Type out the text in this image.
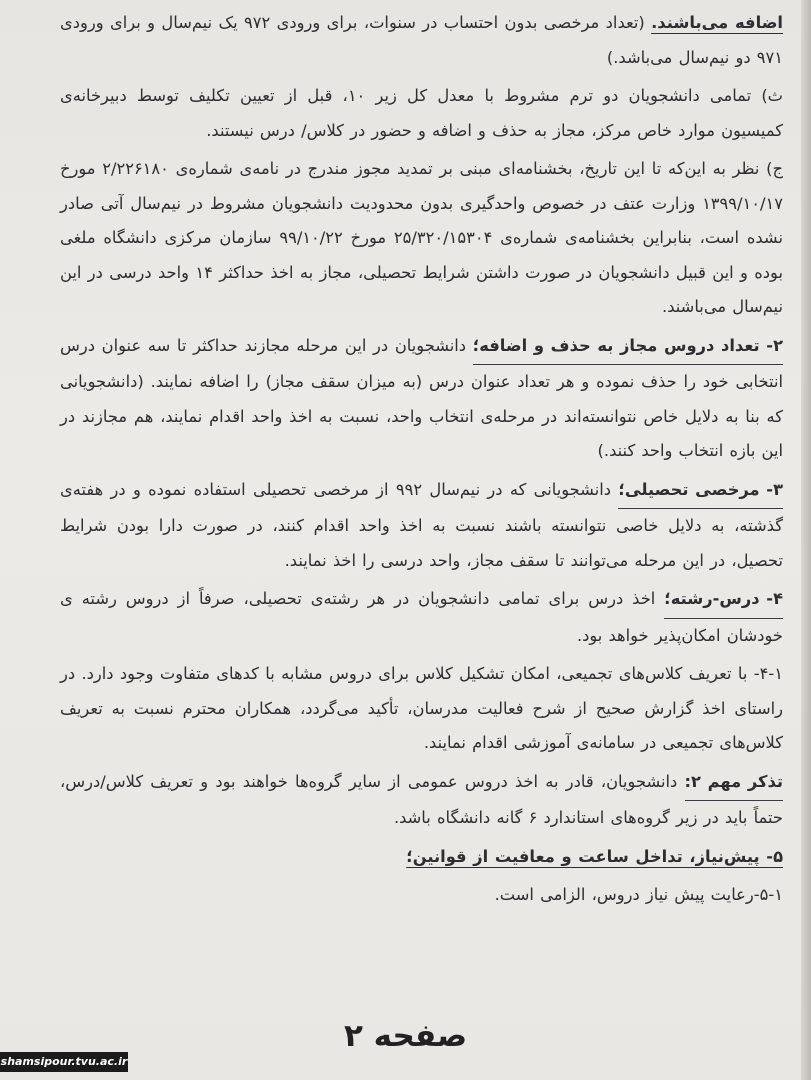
اضافه می‌باشند. (تعداد مرخصی بدون احتساب در سنوات، برای ورودی ۹۷۲ یک نیم‌سال و برای ورودی ۹۷۱ دو نیم‌سال می‌باشد.)

ث) تمامی دانشجویان دو ترم مشروط با معدل کل زیر ۱۰، قبل از تعیین تکلیف توسط دبیرخانه‌ی کمیسیون موارد خاص مرکز، مجاز به حذف و اضافه و حضور در کلاس/ درس نیستند.

ج) نظر به این‌که تا این تاریخ، بخشنامه‌ای مبنی بر تمدید مجوز مندرج در نامه‌ی شماره‌ی ۲/۲۲۶۱۸۰ مورخ ۱۳۹۹/۱۰/۱۷ وزارت عتف در خصوص واحدگیری بدون محدودیت دانشجویان مشروط در نیم‌سال آتی صادر نشده است، بنابراین بخشنامه‌ی شماره‌ی ۲۵/۳۲۰/۱۵۳۰۴ مورخ ۹۹/۱۰/۲۲ سازمان مرکزی دانشگاه ملغی بوده و این قبیل دانشجویان در صورت داشتن شرایط تحصیلی، مجاز به اخذ حداکثر ۱۴ واحد درسی در این نیم‌سال می‌باشند.

۲- تعداد دروس مجاز به حذف و اضافه؛ دانشجویان در این مرحله مجازند حداکثر تا سه عنوان درس انتخابی خود را حذف نموده و هر تعداد عنوان درس (به میزان سقف مجاز) را اضافه نمایند. (دانشجویانی که بنا به دلایل خاص نتوانسته‌اند در مرحله‌ی انتخاب واحد، نسبت به اخذ واحد اقدام نمایند، هم مجازند در این بازه انتخاب واحد کنند.)

۳- مرخصی تحصیلی؛ دانشجویانی که در نیم‌سال ۹۹۲ از مرخصی تحصیلی استفاده نموده و در هفته‌ی گذشته، به دلایل خاصی نتوانسته باشند نسبت به اخذ واحد اقدام کنند، در صورت دارا بودن شرایط تحصیل، در این مرحله می‌توانند تا سقف مجاز، واحد درسی را اخذ نمایند.

۴- درس-رشته؛ اخذ درس برای تمامی دانشجویان در هر رشته‌ی تحصیلی، صرفاً از دروس رشته ی خودشان امکان‌پذیر خواهد بود.

۴-۱- با تعریف کلاس‌های تجمیعی، امکان تشکیل کلاس برای دروس مشابه با کدهای متفاوت وجود دارد. در راستای اخذ گزارش صحیح از شرح فعالیت مدرسان، تأکید می‌گردد، همکاران محترم نسبت به تعریف کلاس‌های تجمیعی در سامانه‌ی آموزشی اقدام نمایند.

تذکر مهم ۲: دانشجویان، قادر به اخذ دروس عمومی از سایر گروه‌ها خواهند بود و تعریف کلاس/درس، حتماً باید در زیر گروه‌های استاندارد ۶ گانه دانشگاه باشد.

۵- پیش‌نیاز، تداخل ساعت و معافیت از قوانین؛

۵-۱-رعایت پیش نیاز دروس، الزامی است.

صفحه ۲
shamsipour.tvu.ac.ir
